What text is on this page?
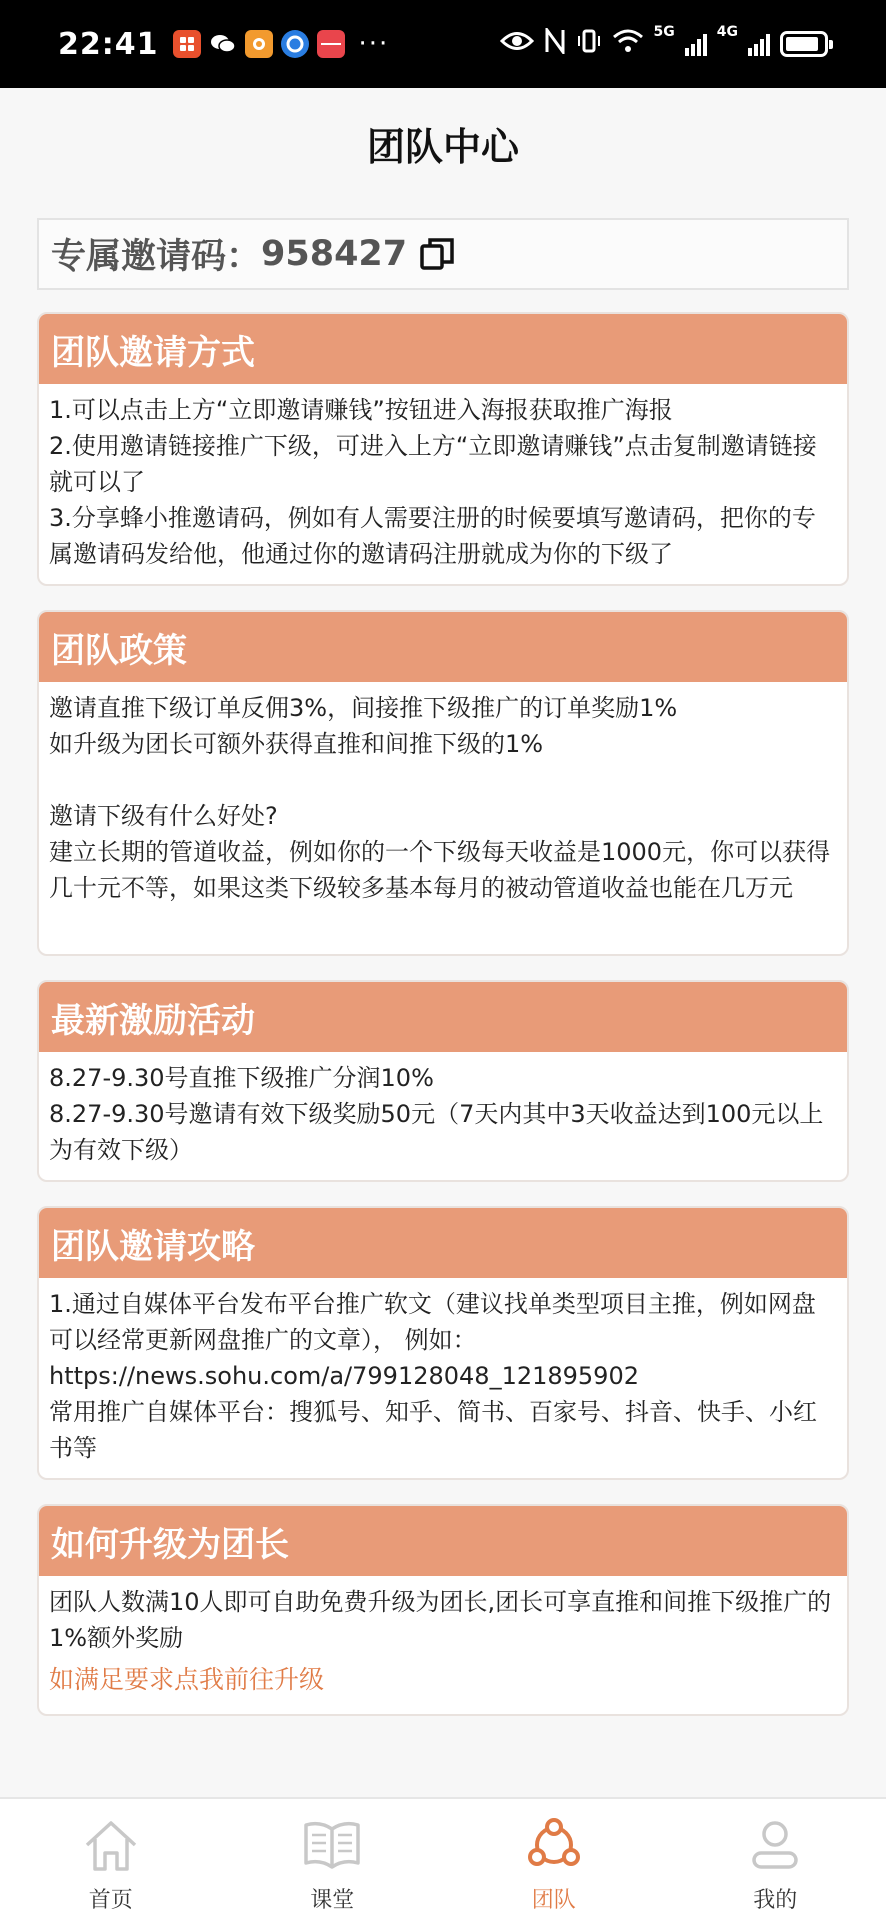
22:41	···	5G	4G
团队中心
专属邀请码： 958427
团队邀请方式

1.可以点击上方“立即邀请赚钱”按钮进入海报获取推广海报
2.使用邀请链接推广下级，可进入上方“立即邀请赚钱”点击复制邀请链接就可以了
3.分享蜂小推邀请码，例如有人需要注册的时候要填写邀请码，把你的专属邀请码发给他，他通过你的邀请码注册就成为你的下级了

团队政策

邀请直推下级订单反佣3%，间接推下级推广的订单奖励1%
如升级为团长可额外获得直推和间推下级的1%

邀请下级有什么好处?
建立长期的管道收益，例如你的一个下级每天收益是1000元，你可以获得几十元不等，如果这类下级较多基本每月的被动管道收益也能在几万元

最新激励活动

8.27-9.30号直推下级推广分润10%
8.27-9.30号邀请有效下级奖励50元（7天内其中3天收益达到100元以上为有效下级）

团队邀请攻略

1.通过自媒体平台发布平台推广软文（建议找单类型项目主推，例如网盘可以经常更新网盘推广的文章）， 例如：
https://news.sohu.com/a/799128048_121895902
常用推广自媒体平台：搜狐号、知乎、简书、百家号、抖音、快手、小红书等

如何升级为团长

团队人数满10人即可自助免费升级为团长,团长可享直推和间推下级推广的1%额外奖励

如满足要求点我前往升级
首页	课堂	团队	我的
